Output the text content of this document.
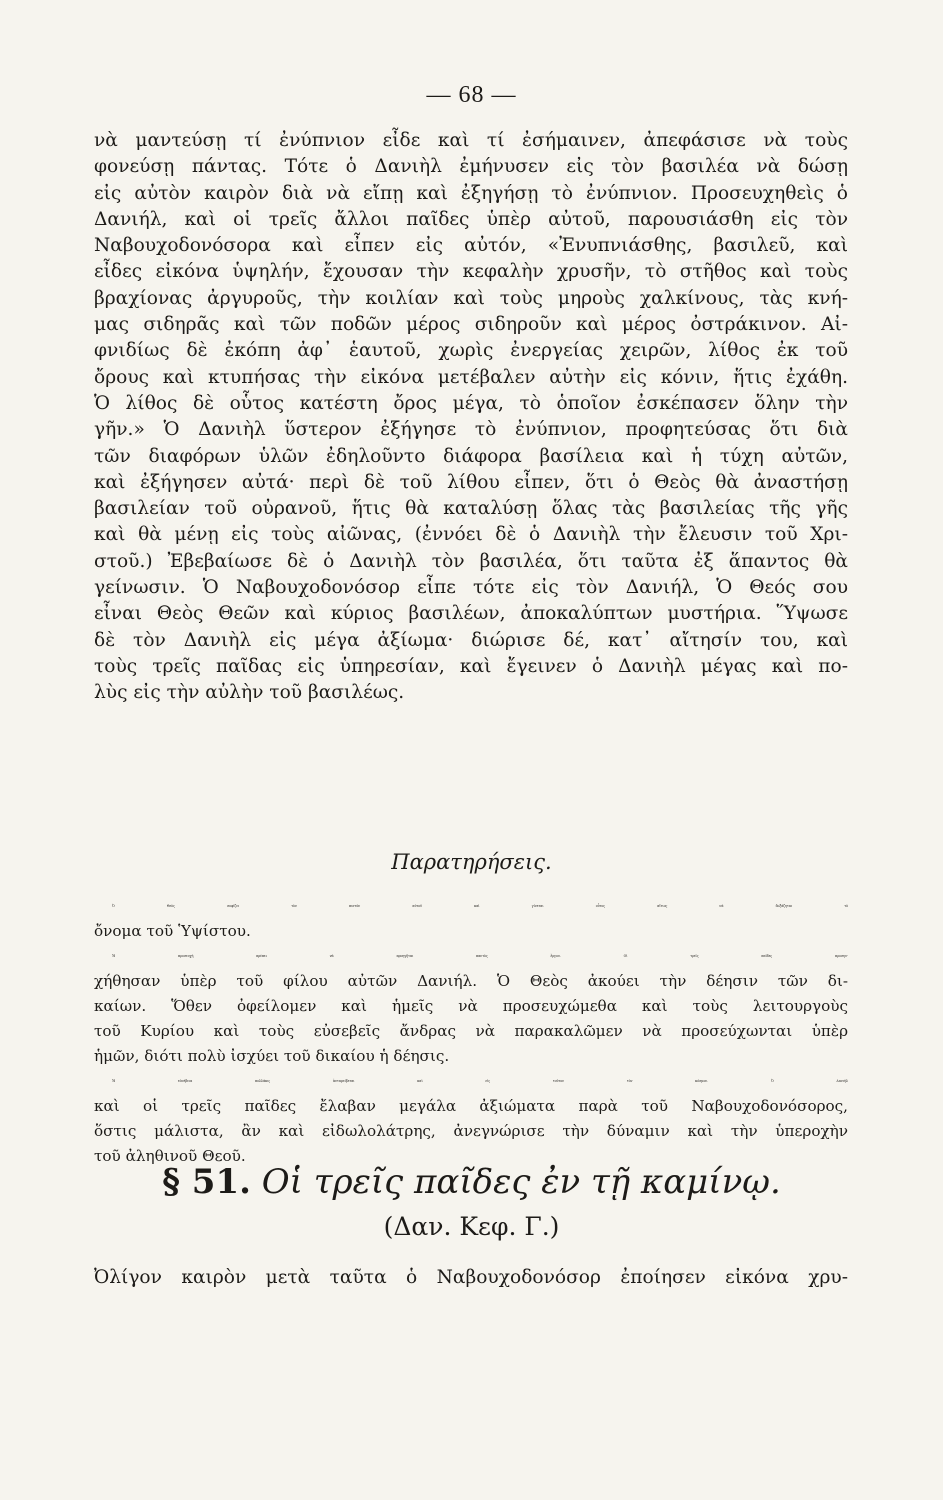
— 68 —
νὰ μαντεύσῃ τί ἐνύπνιον εἶδε καὶ τί ἐσήμαινεν, ἀπεφάσισε νὰ τοὺς
φονεύσῃ πάντας. Τότε ὁ Δανιὴλ ἐμήνυσεν εἰς τὸν βασιλέα νὰ δώσῃ
εἰς αὐτὸν καιρὸν διὰ νὰ εἴπῃ καὶ ἐξηγήσῃ τὸ ἐνύπνιον. Προσευχηθεὶς ὁ
Δανιήλ, καὶ οἱ τρεῖς ἄλλοι παῖδες ὑπὲρ αὐτοῦ, παρουσιάσθη εἰς τὸν
Ναβουχοδονόσορα καὶ εἶπεν εἰς αὐτόν, «Ἐνυπνιάσθης, βασιλεῦ, καὶ
εἶδες εἰκόνα ὑψηλήν, ἔχουσαν τὴν κεφαλὴν χρυσῆν, τὸ στῆθος καὶ τοὺς
βραχίονας ἀργυροῦς, τὴν κοιλίαν καὶ τοὺς μηροὺς χαλκίνους, τὰς κνή-
μας σιδηρᾶς καὶ τῶν ποδῶν μέρος σιδηροῦν καὶ μέρος ὀστράκινον. Αἰ-
φνιδίως δὲ ἐκόπη ἀφ᾽ ἑαυτοῦ, χωρὶς ἐνεργείας χειρῶν, λίθος ἐκ τοῦ
ὄρους καὶ κτυπήσας τὴν εἰκόνα μετέβαλεν αὐτὴν εἰς κόνιν, ἥτις ἐχάθη.
Ὁ λίθος δὲ οὗτος κατέστη ὄρος μέγα, τὸ ὁποῖον ἐσκέπασεν ὅλην τὴν
γῆν.» Ὁ Δανιὴλ ὕστερον ἐξήγησε τὸ ἐνύπνιον, προφητεύσας ὅτι διὰ
τῶν διαφόρων ὑλῶν ἐδηλοῦντο διάφορα βασίλεια καὶ ἡ τύχη αὐτῶν,
καὶ ἐξήγησεν αὐτά· περὶ δὲ τοῦ λίθου εἶπεν, ὅτι ὁ Θεὸς θὰ ἀναστήσῃ
βασιλείαν τοῦ οὐρανοῦ, ἥτις θὰ καταλύσῃ ὅλας τὰς βασιλείας τῆς γῆς
καὶ θὰ μένῃ εἰς τοὺς αἰῶνας, (ἐννόει δὲ ὁ Δανιὴλ τὴν ἔλευσιν τοῦ Χρι-
στοῦ.) Ἐβεβαίωσε δὲ ὁ Δανιὴλ τὸν βασιλέα, ὅτι ταῦτα ἐξ ἅπαντος θὰ
γείνωσιν. Ὁ Ναβουχοδονόσορ εἶπε τότε εἰς τὸν Δανιήλ, Ὁ Θεός σου
εἶναι Θεὸς Θεῶν καὶ κύριος βασιλέων, ἀποκαλύπτων μυστήρια. Ὕψωσε
δὲ τὸν Δανιὴλ εἰς μέγα ἀξίωμα· διώρισε δέ, κατ᾽ αἴτησίν του, καὶ
τοὺς τρεῖς παῖδας εἰς ὑπηρεσίαν, καὶ ἔγεινεν ὁ Δανιὴλ μέγας καὶ πο-
λὺς εἰς τὴν αὐλὴν τοῦ βασιλέως.
Παρατηρήσεις.
Ὁ Θεὸς σοφίζει τὸν πιστὸν αὐτοῦ καὶ γίνεται οὗτος αἴτιος νὰ δοξάζηται τὸ
ὄνομα τοῦ Ὑψίστου.
Ἡ προσευχὴ πρέπει νὰ προηγῆται παντὸς ἔργου. Οἱ τρεῖς παῖδες προσηυ-
χήθησαν ὑπὲρ τοῦ φίλου αὐτῶν Δανιήλ. Ὁ Θεὸς ἀκούει τὴν δέησιν τῶν δι-
καίων. Ὅθεν ὀφείλομεν καὶ ἡμεῖς νὰ προσευχώμεθα καὶ τοὺς λειτουργοὺς
τοῦ Κυρίου καὶ τοὺς εὐσεβεῖς ἄνδρας νὰ παρακαλῶμεν νὰ προσεύχωνται ὑπὲρ
ἡμῶν, διότι πολὺ ἰσχύει τοῦ δικαίου ἡ δέησις.
Ἡ εὐσέβεια πολλάκις ἀνταμείβεται καὶ εἰς τοῦτον τὸν κόσμον. Ὁ Δανιὴλ
καὶ οἱ τρεῖς παῖδες ἔλαβαν μεγάλα ἀξιώματα παρὰ τοῦ Ναβουχοδονόσορος,
ὅστις μάλιστα, ἂν καὶ εἰδωλολάτρης, ἀνεγνώρισε τὴν δύναμιν καὶ τὴν ὑπεροχὴν
τοῦ ἀληθινοῦ Θεοῦ.
§ 51. Οἱ τρεῖς παῖδες ἐν τῇ καμίνῳ.
(Δαν. Κεφ. Γ.)
Ὀλίγον καιρὸν μετὰ ταῦτα ὁ Ναβουχοδονόσορ ἐποίησεν εἰκόνα χρυ-
